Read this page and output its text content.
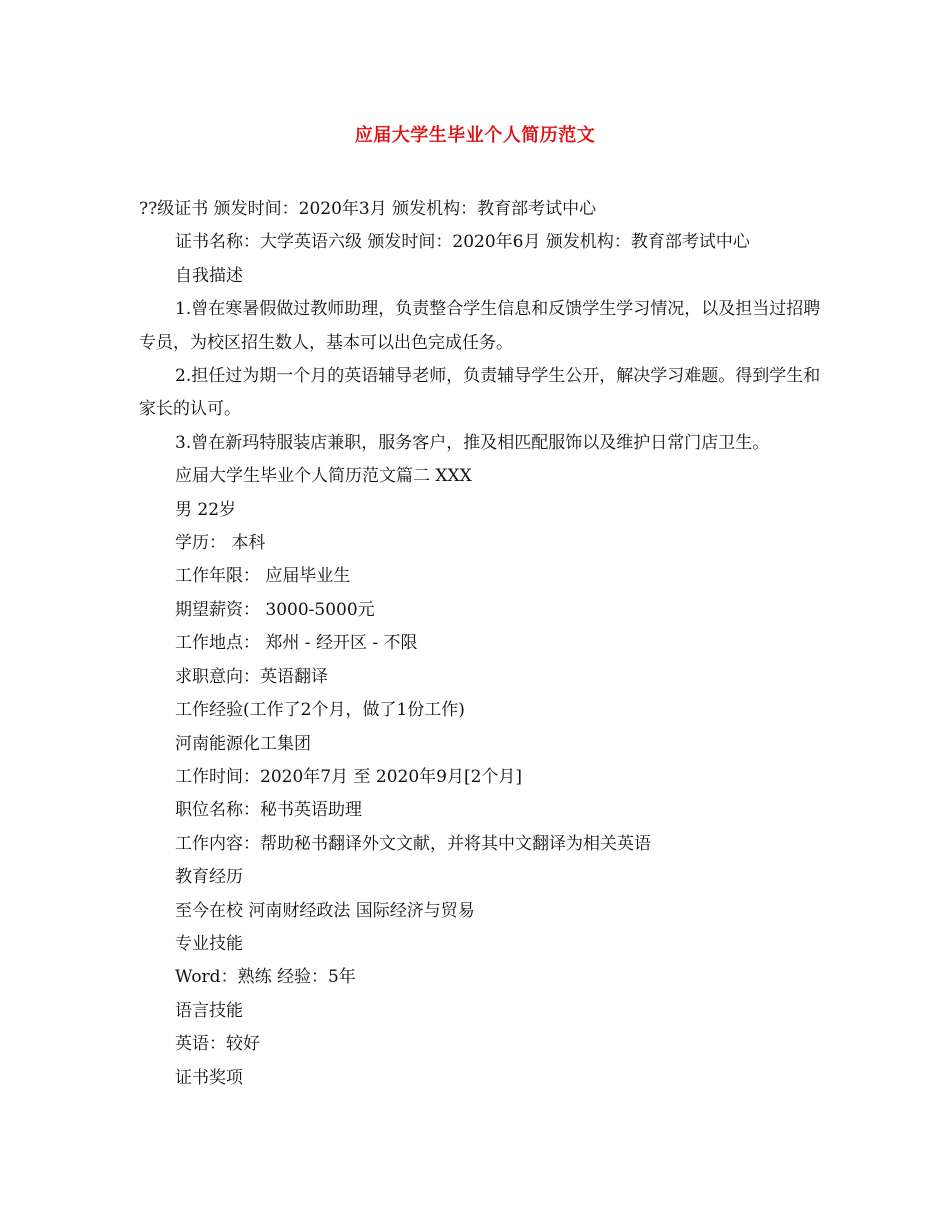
应届大学生毕业个人简历范文

??级证书 颁发时间：2020年3月 颁发机构：教育部考试中心

证书名称：大学英语六级 颁发时间：2020年6月 颁发机构：教育部考试中心

自我描述

1.曾在寒暑假做过教师助理，负责整合学生信息和反馈学生学习情况，以及担当过招聘专员，为校区招生数人，基本可以出色完成任务。

2.担任过为期一个月的英语辅导老师，负责辅导学生公开，解决学习难题。得到学生和家长的认可。

3.曾在新玛特服装店兼职，服务客户，推及相匹配服饰以及维护日常门店卫生。

应届大学生毕业个人简历范文篇二 XXX

男 22岁

学历： 本科

工作年限： 应届毕业生

期望薪资： 3000-5000元

工作地点： 郑州 - 经开区 - 不限

求职意向：英语翻译

工作经验(工作了2个月，做了1份工作)

河南能源化工集团

工作时间：2020年7月 至 2020年9月[2个月]

职位名称：秘书英语助理

工作内容：帮助秘书翻译外文文献，并将其中文翻译为相关英语

教育经历

至今在校 河南财经政法 国际经济与贸易

专业技能

Word：熟练 经验：5年

语言技能

英语：较好

证书奖项
